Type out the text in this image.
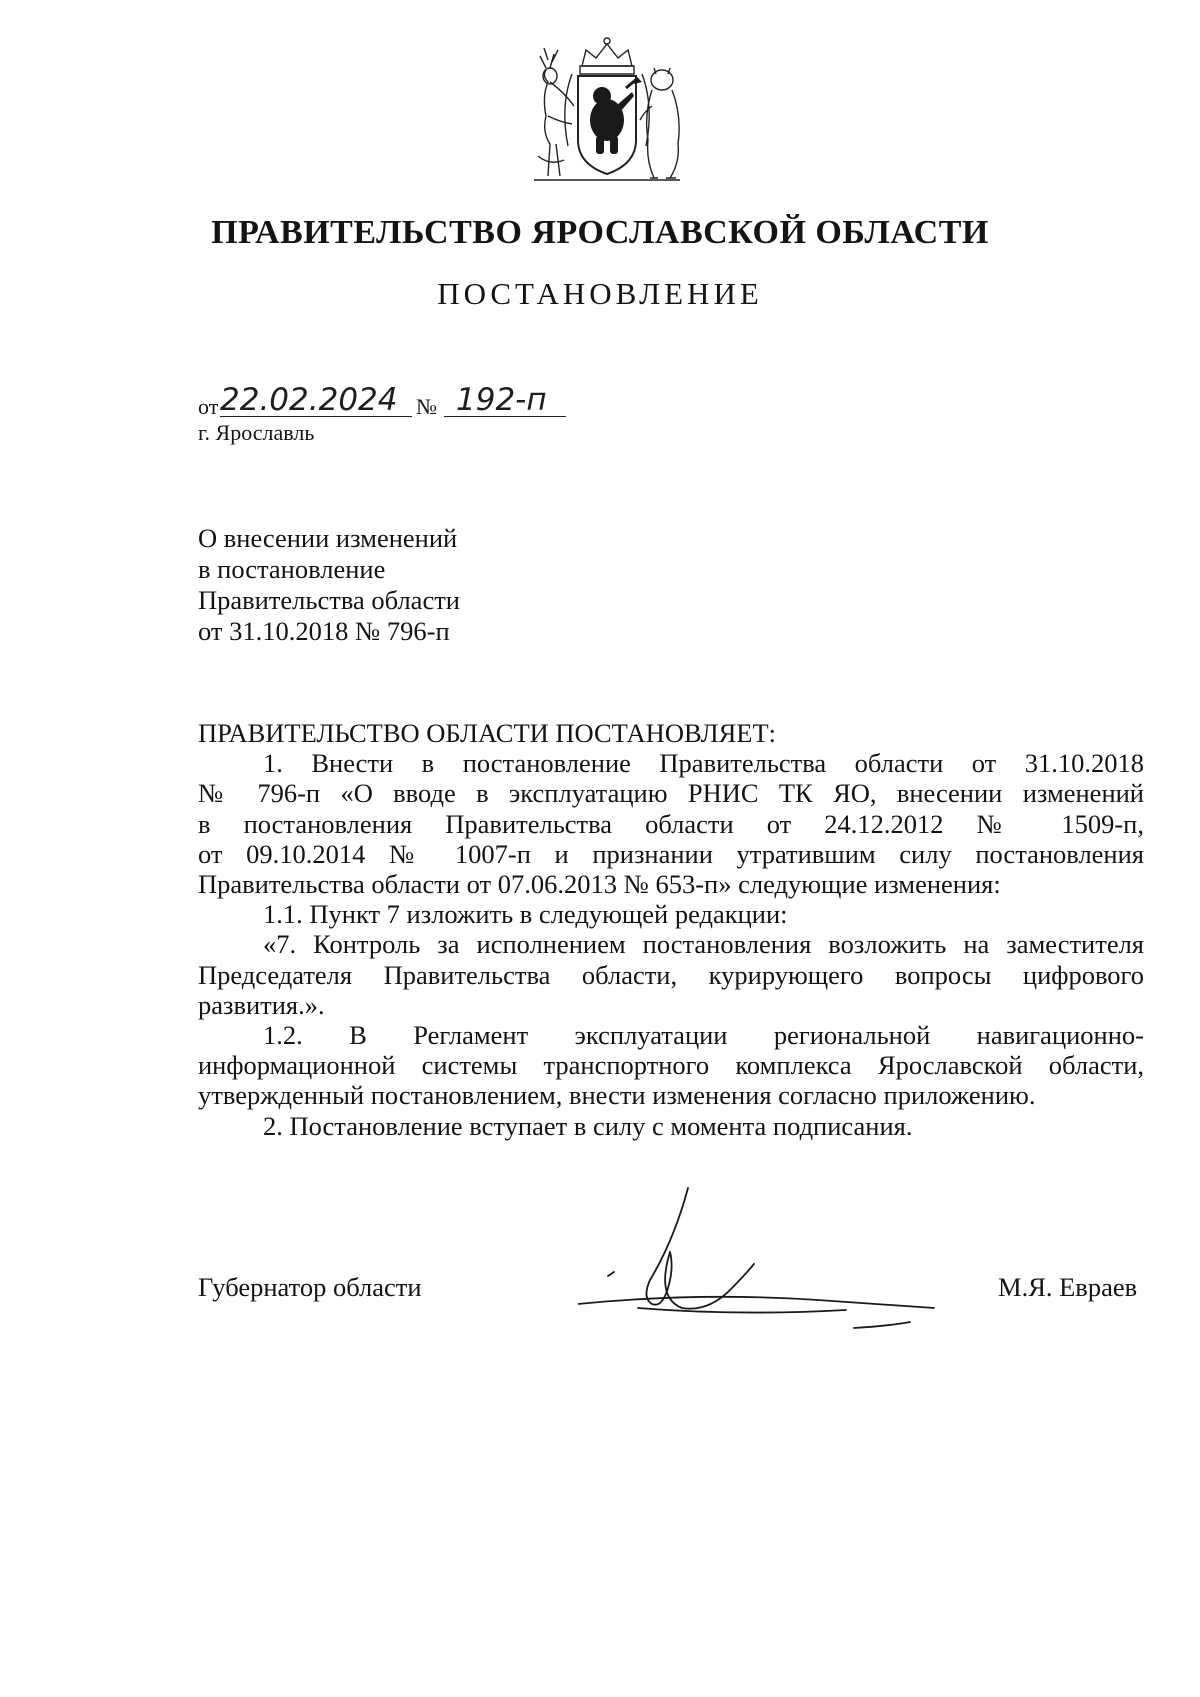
ПРАВИТЕЛЬСТВО ЯРОСЛАВСКОЙ ОБЛАСТИ
ПОСТАНОВЛЕНИЕ
от 22.02.2024 № 192-п
г. Ярославль
О внесении изменений
в постановление
Правительства области
от 31.10.2018 № 796-п
ПРАВИТЕЛЬСТВО ОБЛАСТИ ПОСТАНОВЛЯЕТ:
1. Внести в постановление Правительства области от 31.10.2018
№ 796-п «О вводе в эксплуатацию РНИС ТК ЯО, внесении изменений
в постановления Правительства области от 24.12.2012 № 1509-п,
от 09.10.2014 № 1007-п и признании утратившим силу постановления
Правительства области от 07.06.2013 № 653-п» следующие изменения:
1.1. Пункт 7 изложить в следующей редакции:
«7. Контроль за исполнением постановления возложить на заместителя
Председателя Правительства области, курирующего вопросы цифрового
развития.».
1.2. В Регламент эксплуатации региональной навигационно-
информационной системы транспортного комплекса Ярославской области,
утвержденный постановлением, внести изменения согласно приложению.
2. Постановление вступает в силу с момента подписания.
Губернатор области	М.Я. Евраев
